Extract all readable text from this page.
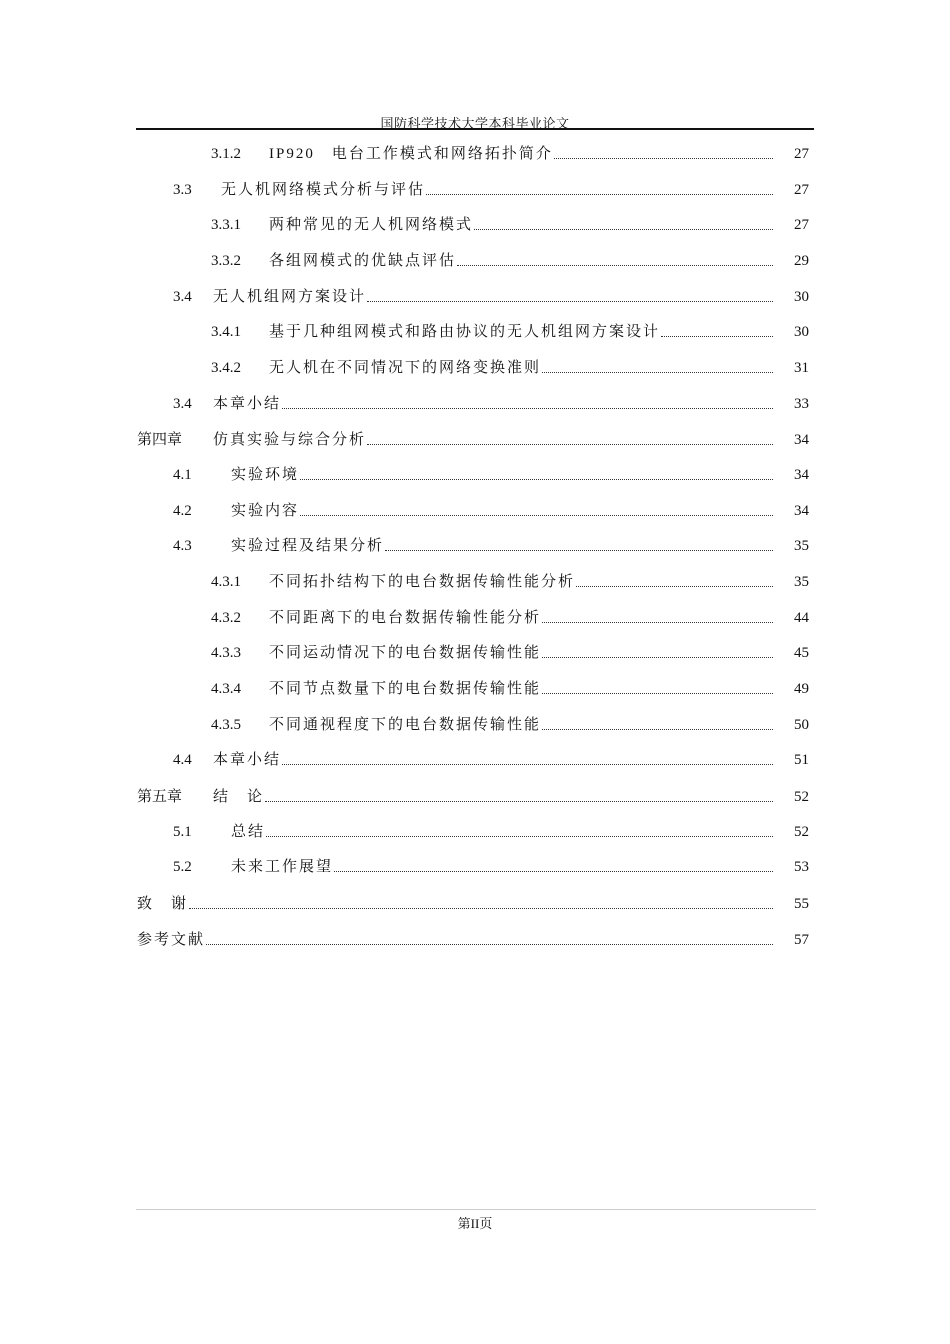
国防科学技术大学本科毕业论文
3.1.2 IP920　电台工作模式和网络拓扑简介	27
3.3 无人机网络模式分析与评估	27
3.3.1 两种常见的无人机网络模式	27
3.3.2 各组网模式的优缺点评估	29
3.4 无人机组网方案设计	30
3.4.1 基于几种组网模式和路由协议的无人机组网方案设计	30
3.4.2 无人机在不同情况下的网络变换准则	31
3.4 本章小结	33
第四章 仿真实验与综合分析	34
4.1	实验环境	34
4.2	实验内容	34
4.3	实验过程及结果分析	35
4.3.1 不同拓扑结构下的电台数据传输性能分析	35
4.3.2 不同距离下的电台数据传输性能分析	44
4.3.3 不同运动情况下的电台数据传输性能	45
4.3.4 不同节点数量下的电台数据传输性能	49
4.3.5 不同通视程度下的电台数据传输性能	50
4.4 本章小结	51
第五章 结　论	52
5.1	总结	52
5.2	未来工作展望	53
致　谢	55
参考文献	57
第II页
